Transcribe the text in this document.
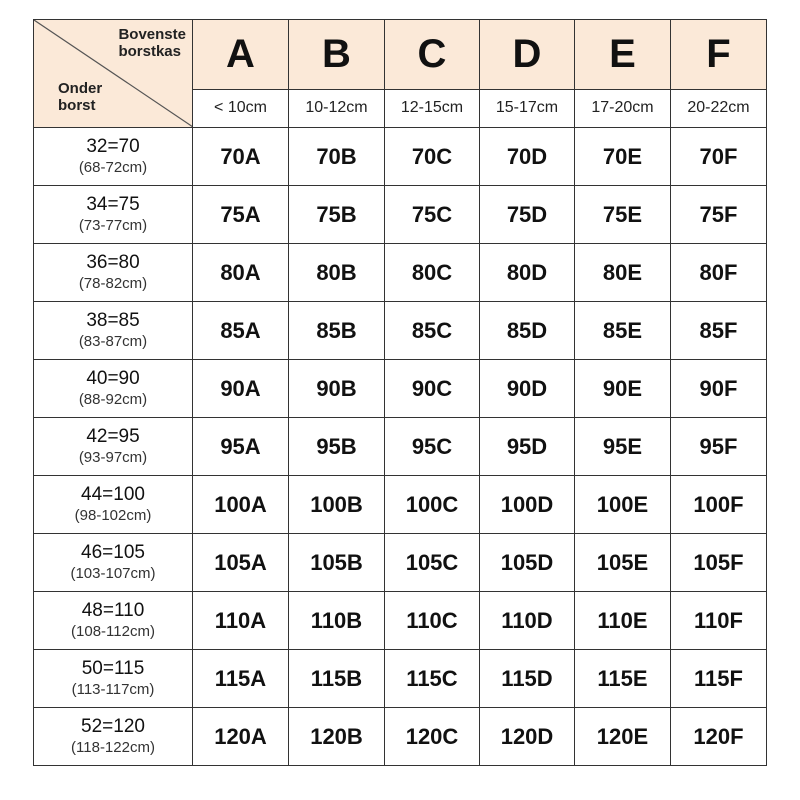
Bovenste
borstkas
Onder
borst	A	B	C	D	E	F
	< 10cm	10-12cm	12-15cm	15-17cm	17-20cm	20-22cm

32=70
(68-72cm)	70A	70B	70C	70D	70E	70F

34=75
(73-77cm)	75A	75B	75C	75D	75E	75F

36=80
(78-82cm)	80A	80B	80C	80D	80E	80F

38=85
(83-87cm)	85A	85B	85C	85D	85E	85F

40=90
(88-92cm)	90A	90B	90C	90D	90E	90F

42=95
(93-97cm)	95A	95B	95C	95D	95E	95F

44=100
(98-102cm)	100A	100B	100C	100D	100E	100F

46=105
(103-107cm)	105A	105B	105C	105D	105E	105F

48=110
(108-112cm)	110A	110B	110C	110D	110E	110F

50=115
(113-117cm)	115A	115B	115C	115D	115E	115F

52=120
(118-122cm)	120A	120B	120C	120D	120E	120F
